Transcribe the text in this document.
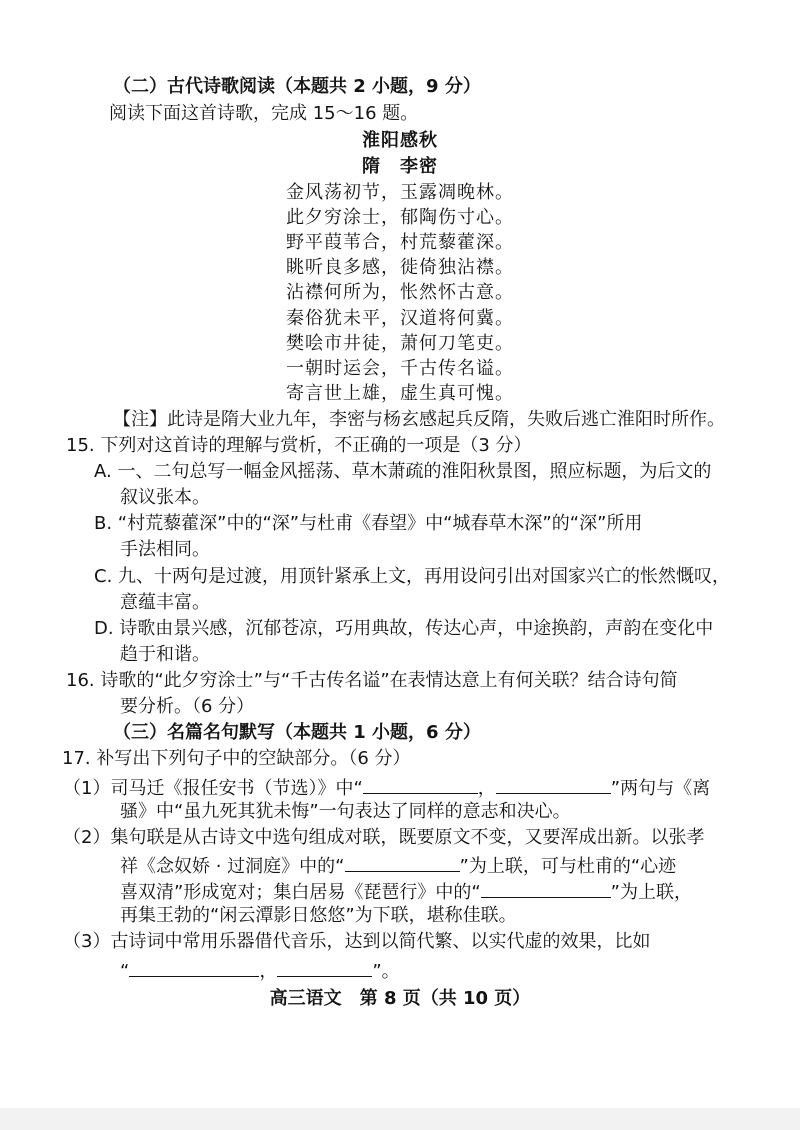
（二）古代诗歌阅读（本题共 2 小题，9 分）
阅读下面这首诗歌，完成 15～16 题。
淮阳感秋
隋　李密
金风荡初节，玉露凋晚林。
此夕穷涂士，郁陶伤寸心。
野平葭苇合，村荒藜藿深。
眺听良多感，徙倚独沾襟。
沾襟何所为，怅然怀古意。
秦俗犹未平，汉道将何冀。
樊哙市井徒，萧何刀笔吏。
一朝时运会，千古传名谥。
寄言世上雄，虚生真可愧。
【注】此诗是隋大业九年，李密与杨玄感起兵反隋，失败后逃亡淮阳时所作。
15. 下列对这首诗的理解与赏析，不正确的一项是（3 分）
A. 一、二句总写一幅金风摇荡、草木萧疏的淮阳秋景图，照应标题，为后文的
叙议张本。
B. “村荒藜藿深”中的“深”与杜甫《春望》中“城春草木深”的“深”所用
手法相同。
C. 九、十两句是过渡，用顶针紧承上文，再用设问引出对国家兴亡的怅然慨叹，
意蕴丰富。
D. 诗歌由景兴感，沉郁苍凉，巧用典故，传达心声，中途换韵，声韵在变化中
趋于和谐。
16. 诗歌的“此夕穷涂士”与“千古传名谥”在表情达意上有何关联？结合诗句简
要分析。（6 分）
（三）名篇名句默写（本题共 1 小题，6 分）
17. 补写出下列句子中的空缺部分。（6 分）
（1）司马迁《报任安书（节选）》中“	，	”两句与《离
骚》中“虽九死其犹未悔”一句表达了同样的意志和决心。
（2）集句联是从古诗文中选句组成对联，既要原文不变，又要浑成出新。以张孝
祥《念奴娇 · 过洞庭》中的“	”为上联，可与杜甫的“心迹
喜双清”形成宽对；集白居易《琵琶行》中的“	”为上联，
再集王勃的“闲云潭影日悠悠”为下联，堪称佳联。
（3）古诗词中常用乐器借代音乐，达到以简代繁、以实代虚的效果，比如
“	，	”。
高三语文　第 8 页（共 10 页）
